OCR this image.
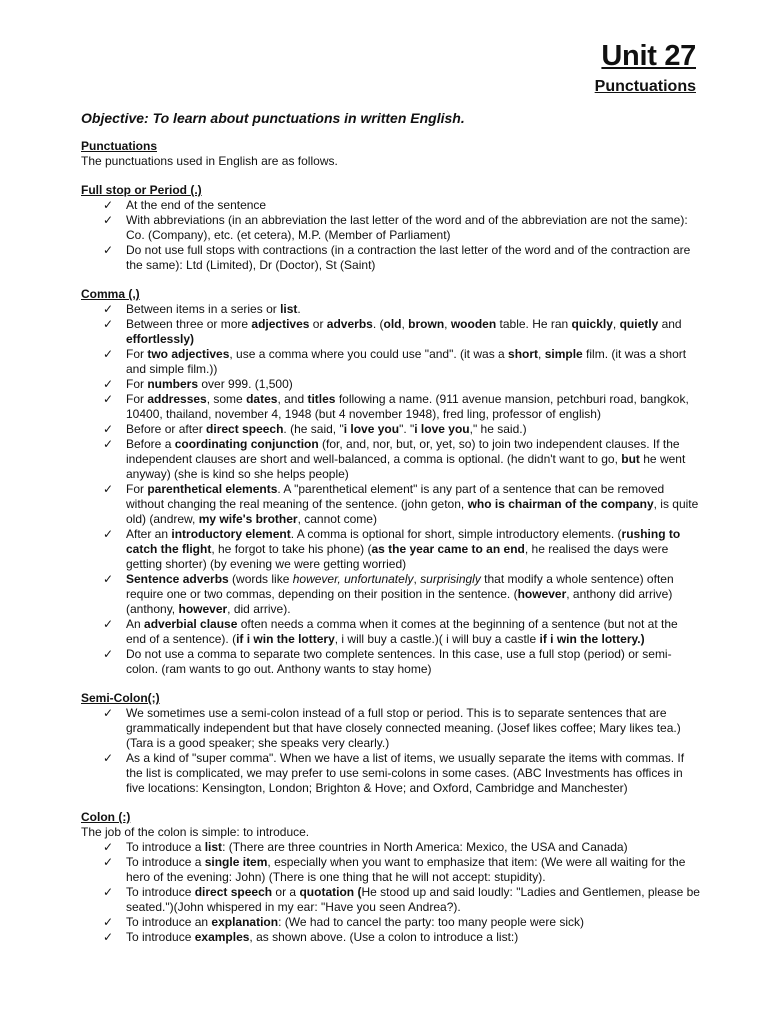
Unit 27
Punctuations

Objective: To learn about punctuations in written English.

Punctuations

The punctuations used in English are as follows.

Full stop or Period (.)

✓ At the end of the sentence
✓ With abbreviations (in an abbreviation the last letter of the word and of the abbreviation are not the same): Co. (Company), etc. (et cetera), M.P. (Member of Parliament)
✓ Do not use full stops with contractions (in a contraction the last letter of the word and of the contraction are the same): Ltd (Limited), Dr (Doctor), St (Saint)

Comma (,)

✓ Between items in a series or list.
✓ Between three or more adjectives or adverbs. (old, brown, wooden table. He ran quickly, quietly and effortlessly)
✓ For two adjectives, use a comma where you could use "and". (it was a short, simple film. (it was a short and simple film.))
✓ For numbers over 999. (1,500)
✓ For addresses, some dates, and titles following a name. (911 avenue mansion, petchburi road, bangkok, 10400, thailand, november 4, 1948 (but 4 november 1948), fred ling, professor of english)
✓ Before or after direct speech. (he said, "i love you". "i love you," he said.)
✓ Before a coordinating conjunction (for, and, nor, but, or, yet, so) to join two independent clauses. If the independent clauses are short and well-balanced, a comma is optional. (he didn't want to go, but he went anyway) (she is kind so she helps people)
✓ For parenthetical elements. A "parenthetical element" is any part of a sentence that can be removed without changing the real meaning of the sentence. (john geton, who is chairman of the company, is quite old) (andrew, my wife's brother, cannot come)
✓ After an introductory element. A comma is optional for short, simple introductory elements. (rushing to catch the flight, he forgot to take his phone) (as the year came to an end, he realised the days were getting shorter) (by evening we were getting worried)
✓ Sentence adverbs (words like however, unfortunately, surprisingly that modify a whole sentence) often require one or two commas, depending on their position in the sentence. (however, anthony did arrive) (anthony, however, did arrive).
✓ An adverbial clause often needs a comma when it comes at the beginning of a sentence (but not at the end of a sentence). (if i win the lottery, i will buy a castle.)( i will buy a castle if i win the lottery.)
✓ Do not use a comma to separate two complete sentences. In this case, use a full stop (period) or semi-colon. (ram wants to go out. Anthony wants to stay home)

Semi-Colon(;)

✓ We sometimes use a semi-colon instead of a full stop or period. This is to separate sentences that are grammatically independent but that have closely connected meaning. (Josef likes coffee; Mary likes tea.) (Tara is a good speaker; she speaks very clearly.)
✓ As a kind of "super comma". When we have a list of items, we usually separate the items with commas. If the list is complicated, we may prefer to use semi-colons in some cases. (ABC Investments has offices in five locations: Kensington, London; Brighton & Hove; and Oxford, Cambridge and Manchester)

Colon (:)

The job of the colon is simple: to introduce.

✓ To introduce a list: (There are three countries in North America: Mexico, the USA and Canada)
✓ To introduce a single item, especially when you want to emphasize that item: (We were all waiting for the hero of the evening: John) (There is one thing that he will not accept: stupidity).
✓ To introduce direct speech or a quotation (He stood up and said loudly: "Ladies and Gentlemen, please be seated.")(John whispered in my ear: "Have you seen Andrea?).
✓ To introduce an explanation: (We had to cancel the party: too many people were sick)
✓ To introduce examples, as shown above. (Use a colon to introduce a list:)
